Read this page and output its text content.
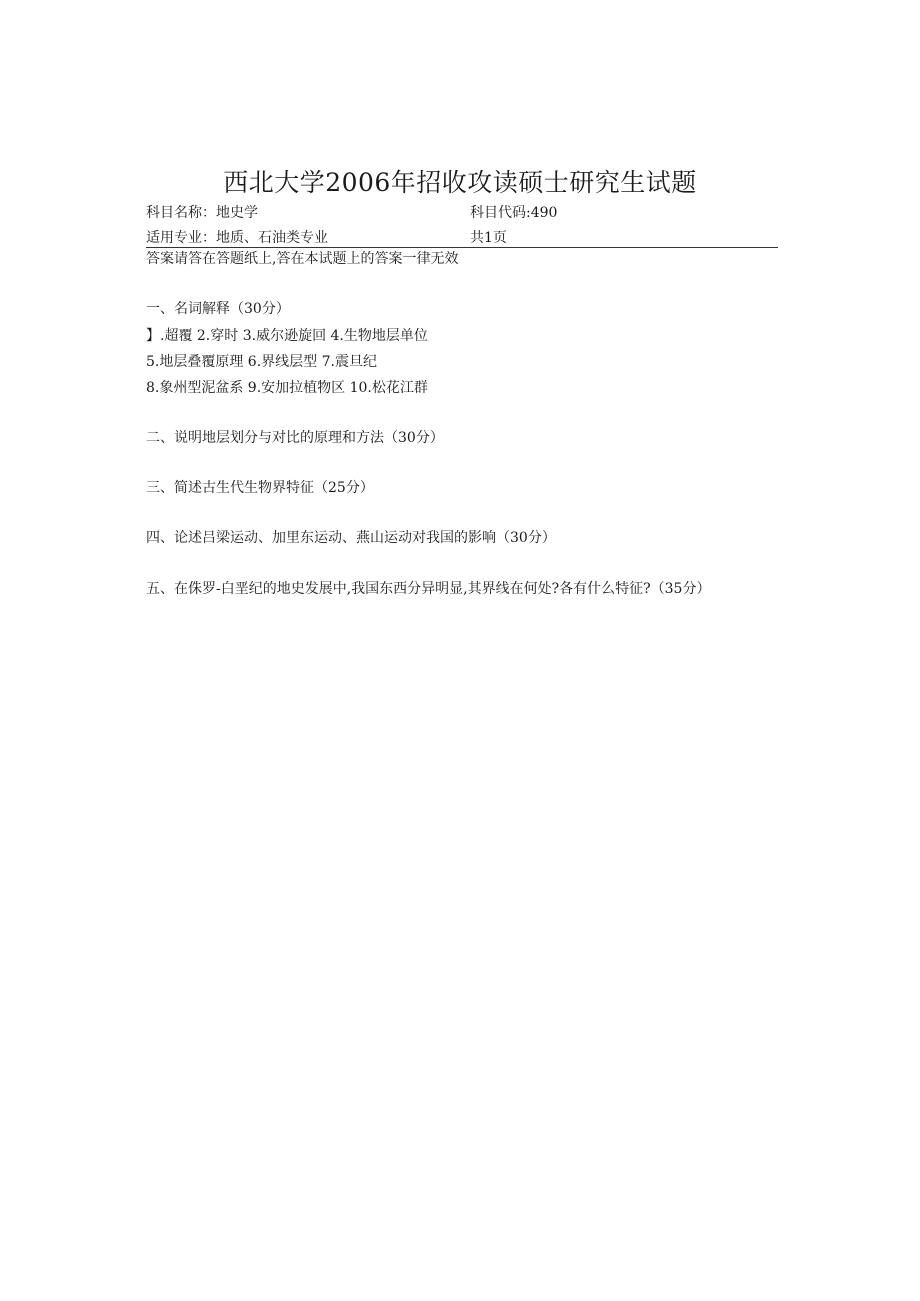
西北大学2006年招收攻读硕士研究生试题
科目名称：地史学	科目代码:490
适用专业：地质、石油类专业	共1页
答案请答在答题纸上,答在本试题上的答案一律无效
一、名词解释（30分）
】.超覆 2.穿时 3.威尔逊旋回 4.生物地层单位
5.地层叠覆原理 6.界线层型 7.震旦纪
8.象州型泥盆系 9.安加拉植物区 10.松花江群
二、说明地层划分与对比的原理和方法（30分）
三、简述古生代生物界特征（25分）
四、论述吕梁运动、加里东运动、燕山运动对我国的影响（30分）
五、在侏罗-白垩纪的地史发展中,我国东西分异明显,其界线在何处?各有什么特征?（35分）
